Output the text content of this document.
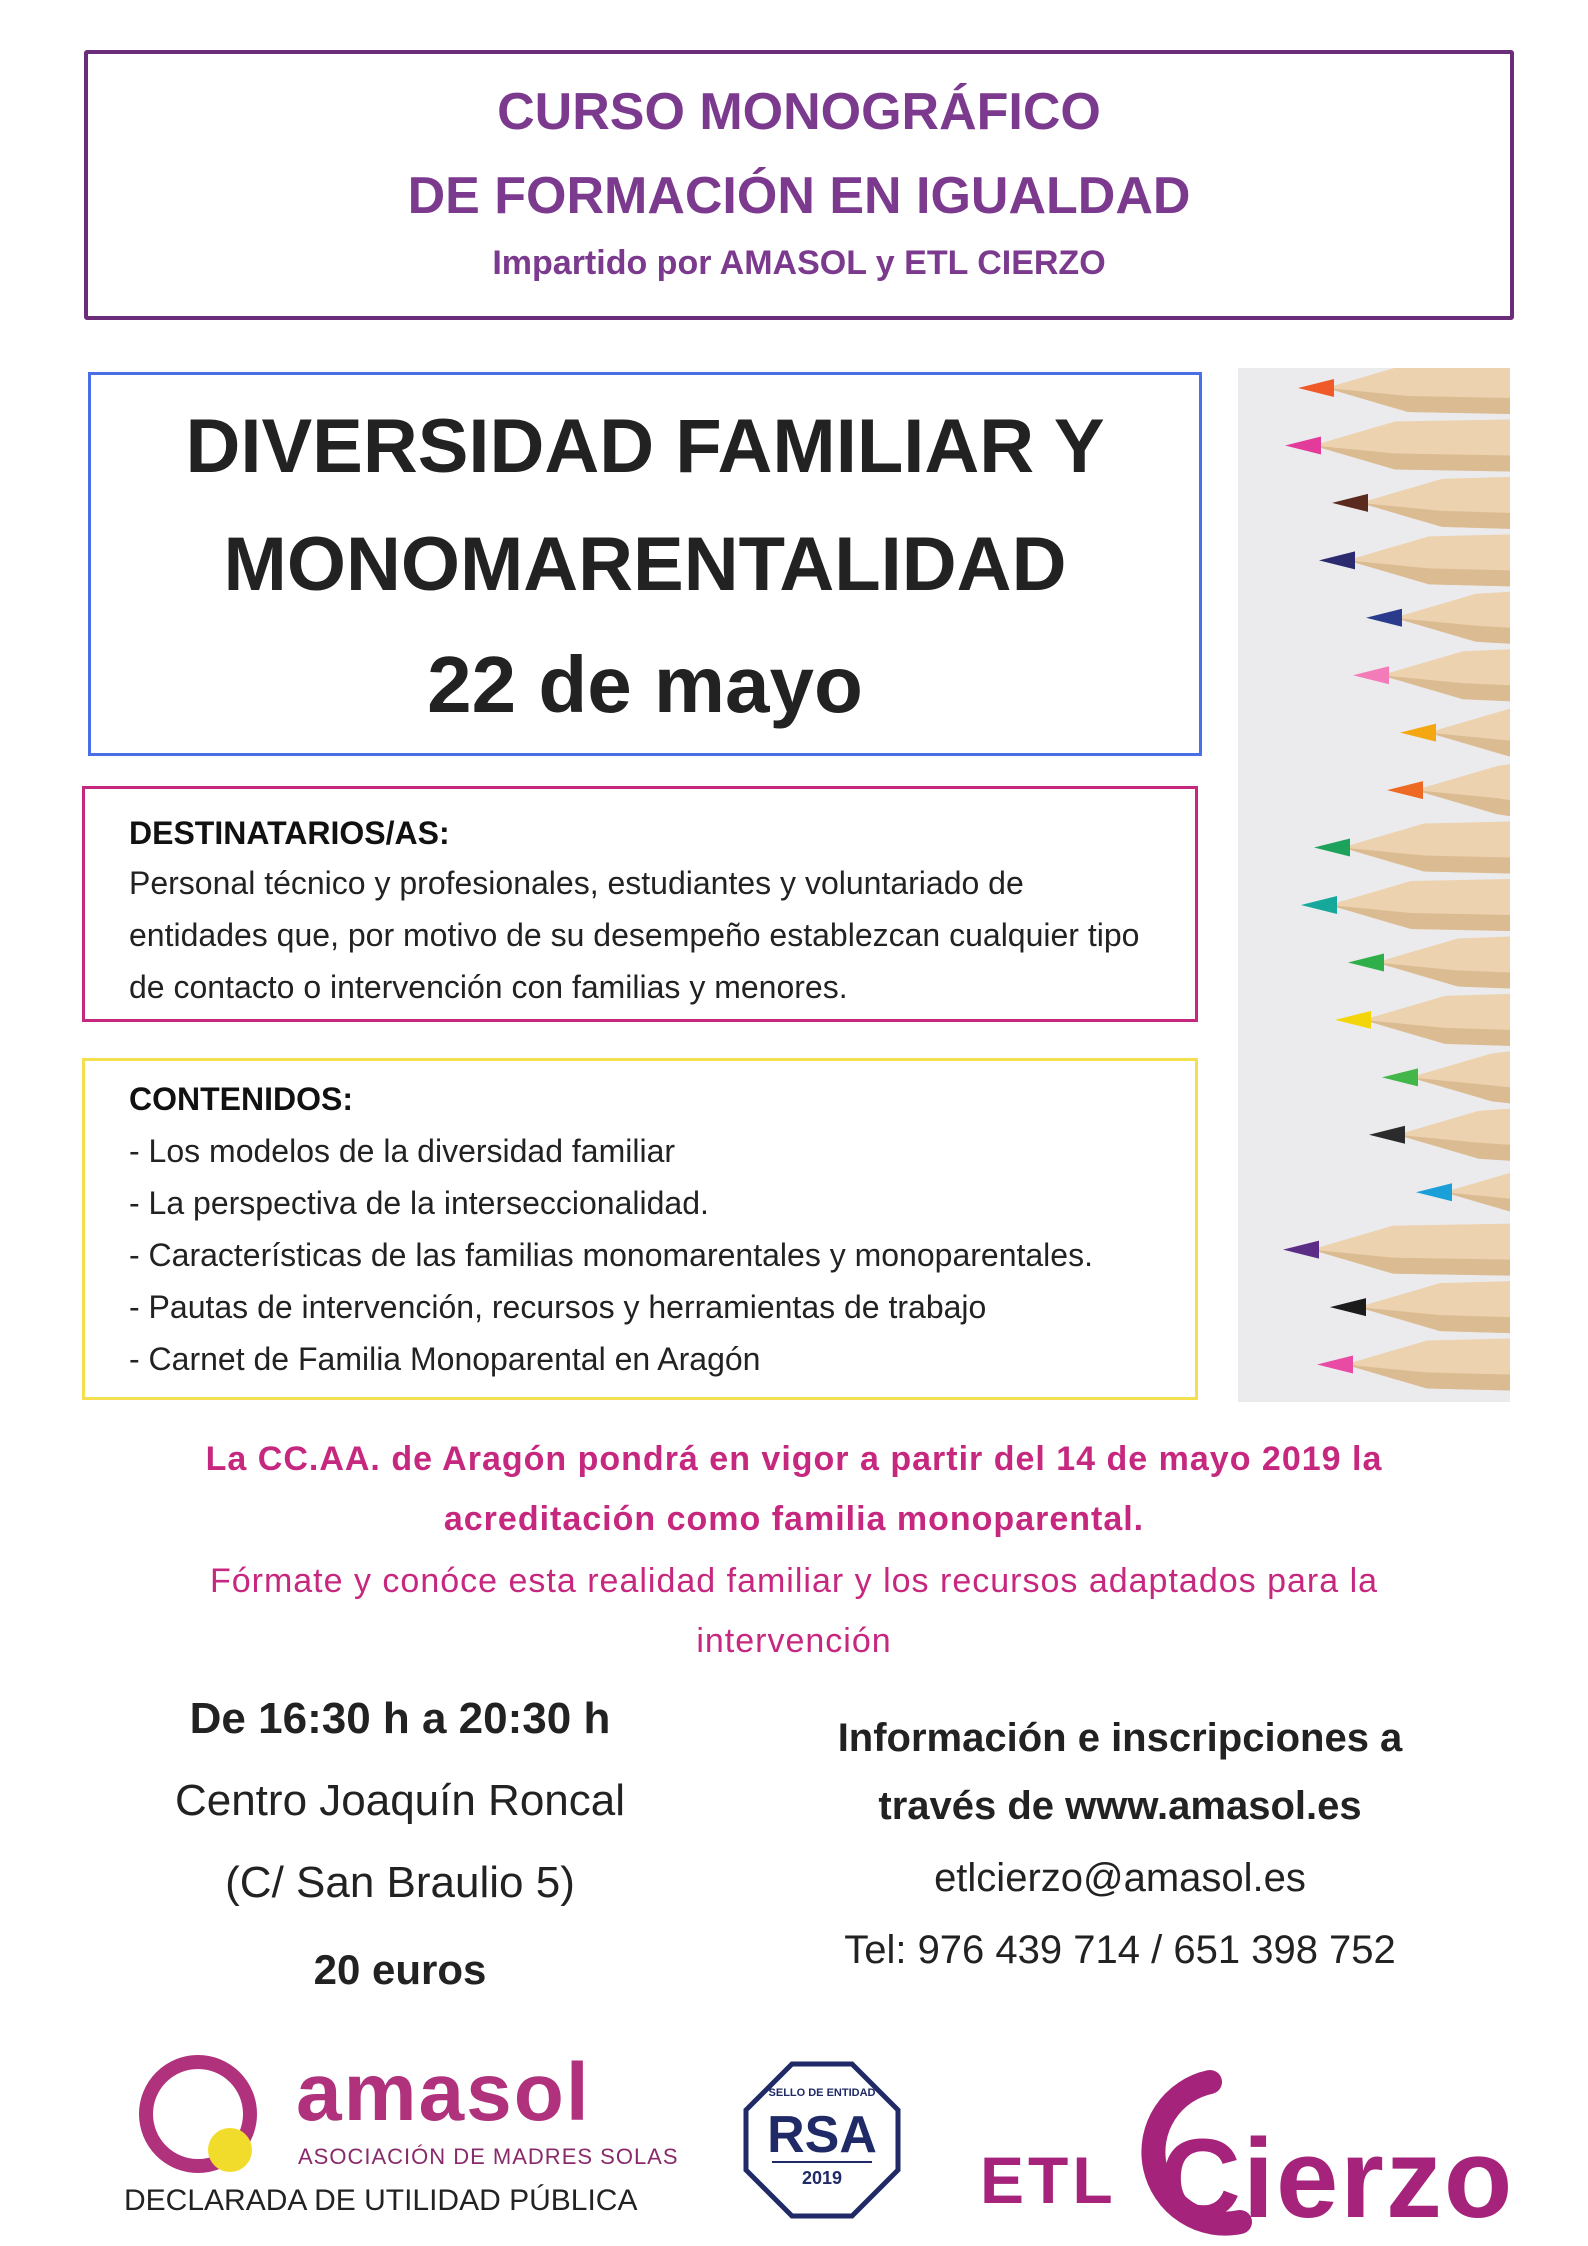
CURSO MONOGRÁFICO
DE FORMACIÓN EN IGUALDAD
Impartido por AMASOL y ETL CIERZO
DIVERSIDAD FAMILIAR Y
MONOMARENTALIDAD
22 de mayo
DESTINATARIOS/AS:
Personal técnico y profesionales, estudiantes y voluntariado de entidades que, por motivo de su desempeño establezcan cualquier tipo de contacto o intervención con familias y menores.
CONTENIDOS:
- Los modelos de la diversidad familiar
- La perspectiva de la interseccionalidad.
- Características de las familias monomarentales y monoparentales.
- Pautas de intervención, recursos y herramientas de trabajo
- Carnet de Familia Monoparental en Aragón
La CC.AA. de Aragón pondrá en vigor a partir del 14 de mayo 2019 la
acreditación como familia monoparental.
Fórmate y conóce esta realidad familiar y los recursos adaptados para la
intervención
De 16:30 h a 20:30 h
Centro Joaquín Roncal
(C/ San Braulio 5)
20 euros
Información e inscripciones a
través de www.amasol.es
etlcierzo@amasol.es
Tel: 976 439 714 / 651 398 752
amasol
ASOCIACIÓN DE MADRES SOLAS
DECLARADA DE UTILIDAD PÚBLICA
SELLO DE ENTIDAD
RSA
2019 ETL Cierzo
